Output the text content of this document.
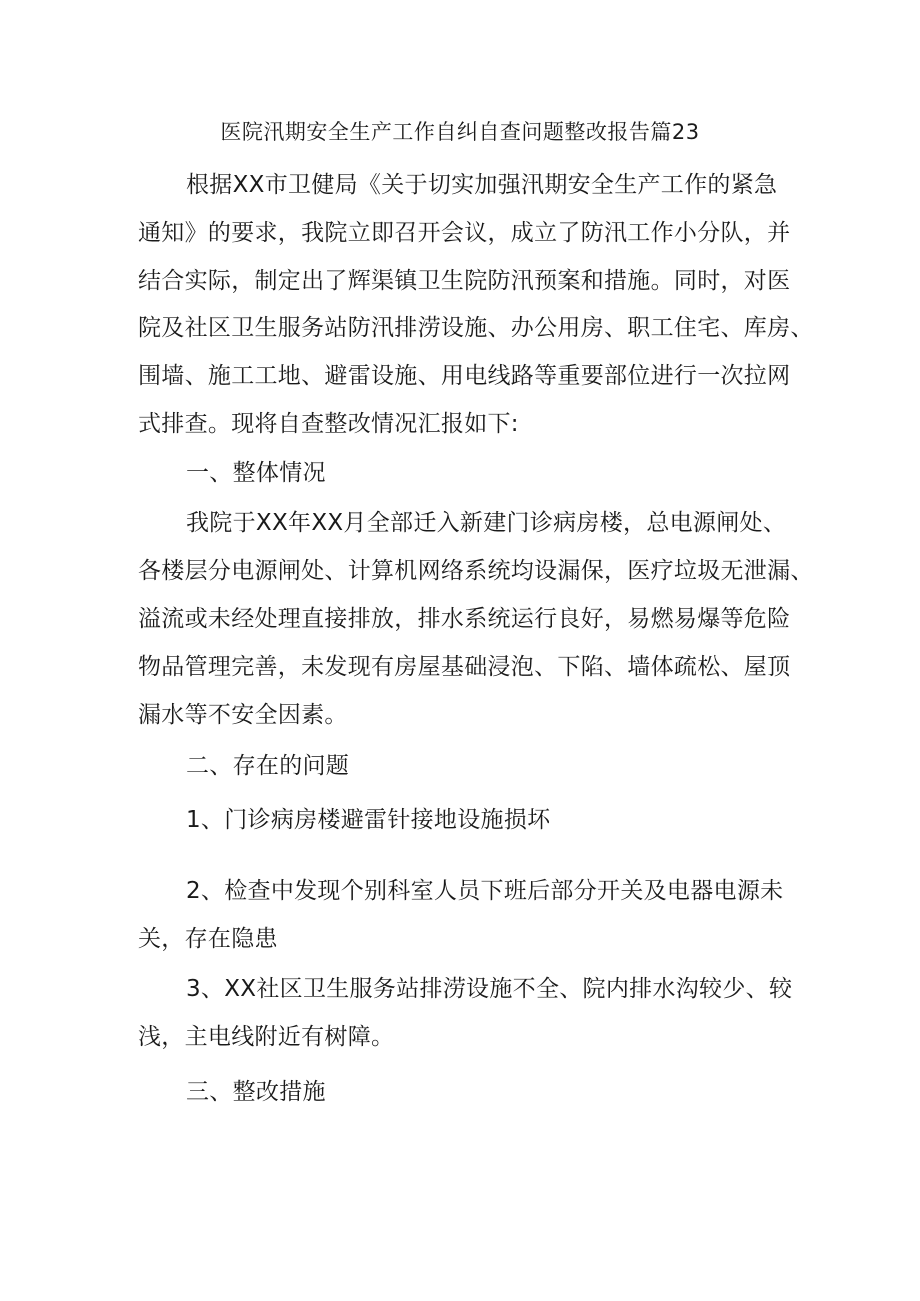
医院汛期安全生产工作自纠自查问题整改报告篇23
根据XX市卫健局《关于切实加强汛期安全生产工作的紧急
通知》的要求，我院立即召开会议，成立了防汛工作小分队，并
结合实际，制定出了辉渠镇卫生院防汛预案和措施。同时，对医
院及社区卫生服务站防汛排涝设施、办公用房、职工住宅、库房、
围墙、施工工地、避雷设施、用电线路等重要部位进行一次拉网
式排查。现将自查整改情况汇报如下:
一、整体情况
我院于XX年XX月全部迁入新建门诊病房楼，总电源闸处、
各楼层分电源闸处、计算机网络系统均设漏保，医疗垃圾无泄漏、
溢流或未经处理直接排放，排水系统运行良好，易燃易爆等危险
物品管理完善，未发现有房屋基础浸泡、下陷、墙体疏松、屋顶
漏水等不安全因素。
二、存在的问题
1、门诊病房楼避雷针接地设施损坏
2、检查中发现个别科室人员下班后部分开关及电器电源未
关，存在隐患
3、XX社区卫生服务站排涝设施不全、院内排水沟较少、较
浅，主电线附近有树障。
三、整改措施
